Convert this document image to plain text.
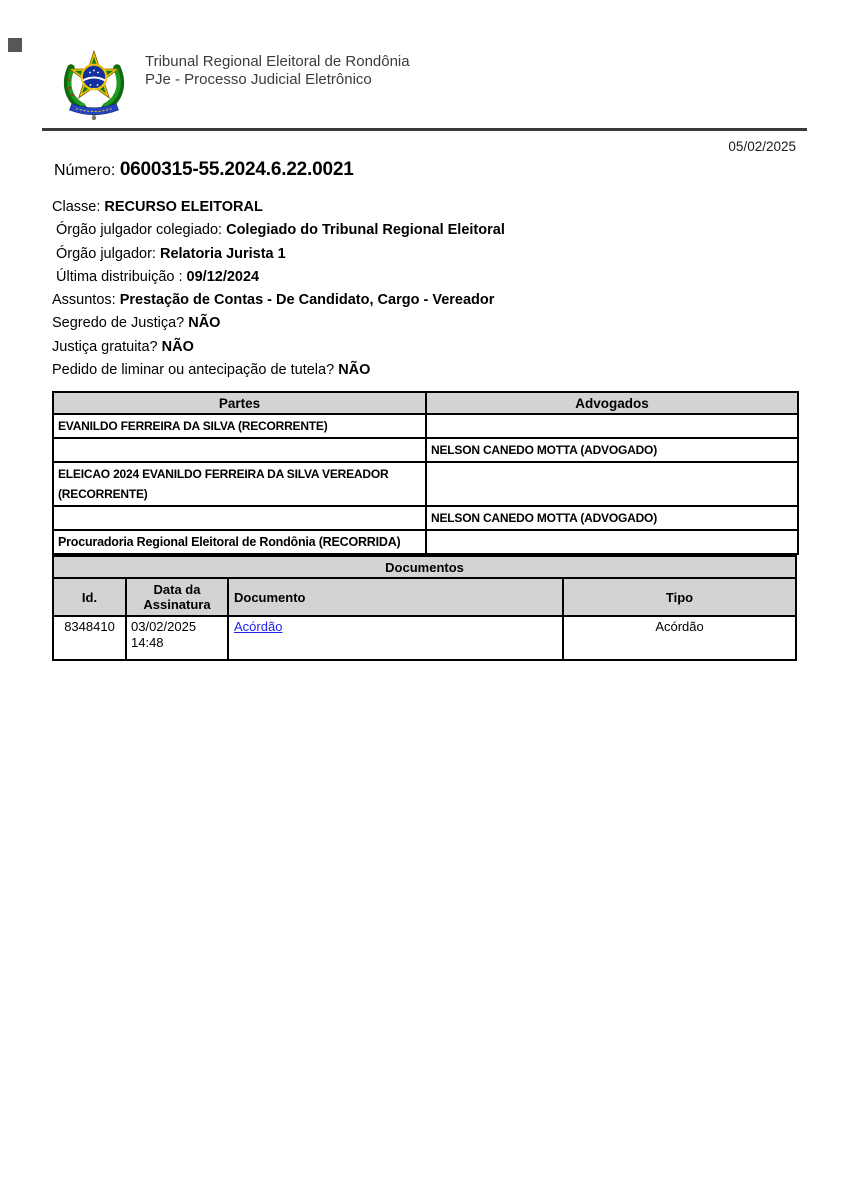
Tribunal Regional Eleitoral de Rondônia
PJe - Processo Judicial Eletrônico
05/02/2025
Número: 0600315-55.2024.6.22.0021
Classe: RECURSO ELEITORAL
Órgão julgador colegiado: Colegiado do Tribunal Regional Eleitoral
Órgão julgador: Relatoria Jurista 1
Última distribuição : 09/12/2024
Assuntos: Prestação de Contas - De Candidato, Cargo - Vereador
Segredo de Justiça? NÃO
Justiça gratuita? NÃO
Pedido de liminar ou antecipação de tutela? NÃO
Partes	Advogados
EVANILDO FERREIRA DA SILVA (RECORRENTE)	
	NELSON CANEDO MOTTA (ADVOGADO)
ELEICAO 2024 EVANILDO FERREIRA DA SILVA VEREADOR (RECORRENTE)	
	NELSON CANEDO MOTTA (ADVOGADO)
Procuradoria Regional Eleitoral de Rondônia (RECORRIDA)	
Documentos			
Id.	Data da Assinatura	Documento	Tipo
8348410	03/02/2025 14:48	Acórdão	Acórdão
